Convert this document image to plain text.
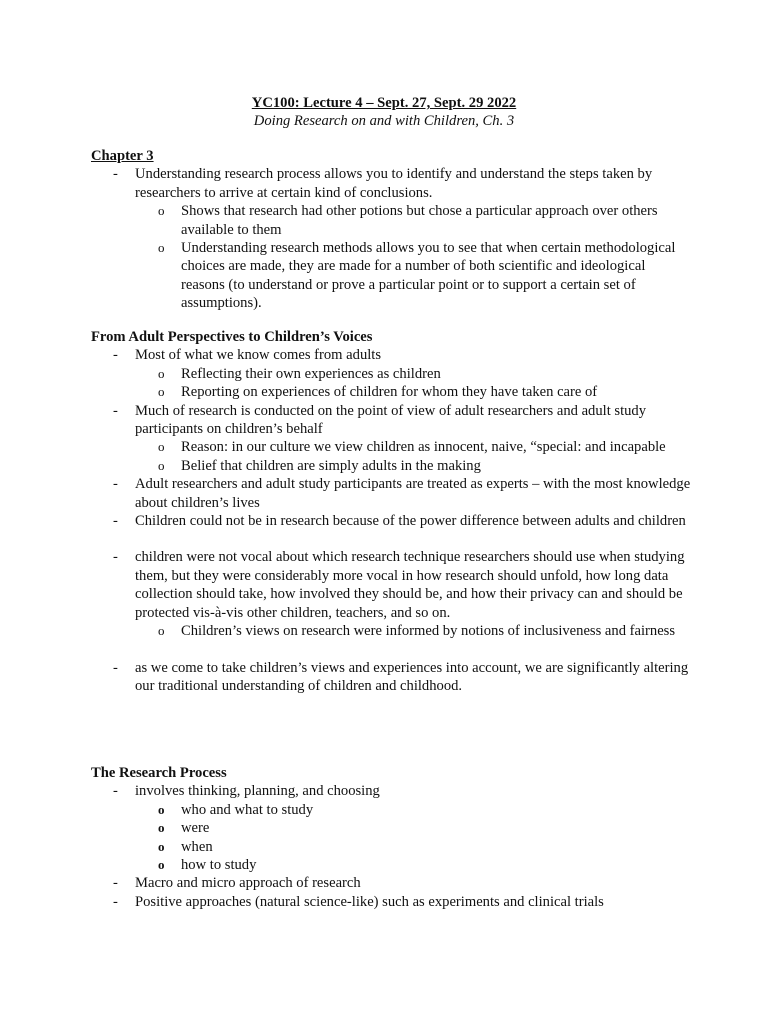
YC100: Lecture 4 – Sept. 27, Sept. 29 2022
Doing Research on and with Children, Ch. 3
Chapter 3
- Understanding research process allows you to identify and understand the steps taken by researchers to arrive at certain kind of conclusions.
o Shows that research had other potions but chose a particular approach over others available to them
o Understanding research methods allows you to see that when certain methodological choices are made, they are made for a number of both scientific and ideological reasons (to understand or prove a particular point or to support a certain set of assumptions).
From Adult Perspectives to Children’s Voices
- Most of what we know comes from adults
o Reflecting their own experiences as children
o Reporting on experiences of children for whom they have taken care of
- Much of research is conducted on the point of view of adult researchers and adult study participants on children’s behalf
o Reason: in our culture we view children as innocent, naive, “special: and incapable
o Belief that children are simply adults in the making
- Adult researchers and adult study participants are treated as experts – with the most knowledge about children’s lives
- Children could not be in research because of the power difference between adults and children
- children were not vocal about which research technique researchers should use when studying them, but they were considerably more vocal in how research should unfold, how long data collection should take, how involved they should be, and how their privacy can and should be protected vis-à-vis other children, teachers, and so on.
o Children’s views on research were informed by notions of inclusiveness and fairness
- as we come to take children’s views and experiences into account, we are significantly altering our traditional understanding of children and childhood.
The Research Process
- involves thinking, planning, and choosing
o who and what to study
o were
o when
o how to study
- Macro and micro approach of research
- Positive approaches (natural science-like) such as experiments and clinical trials
